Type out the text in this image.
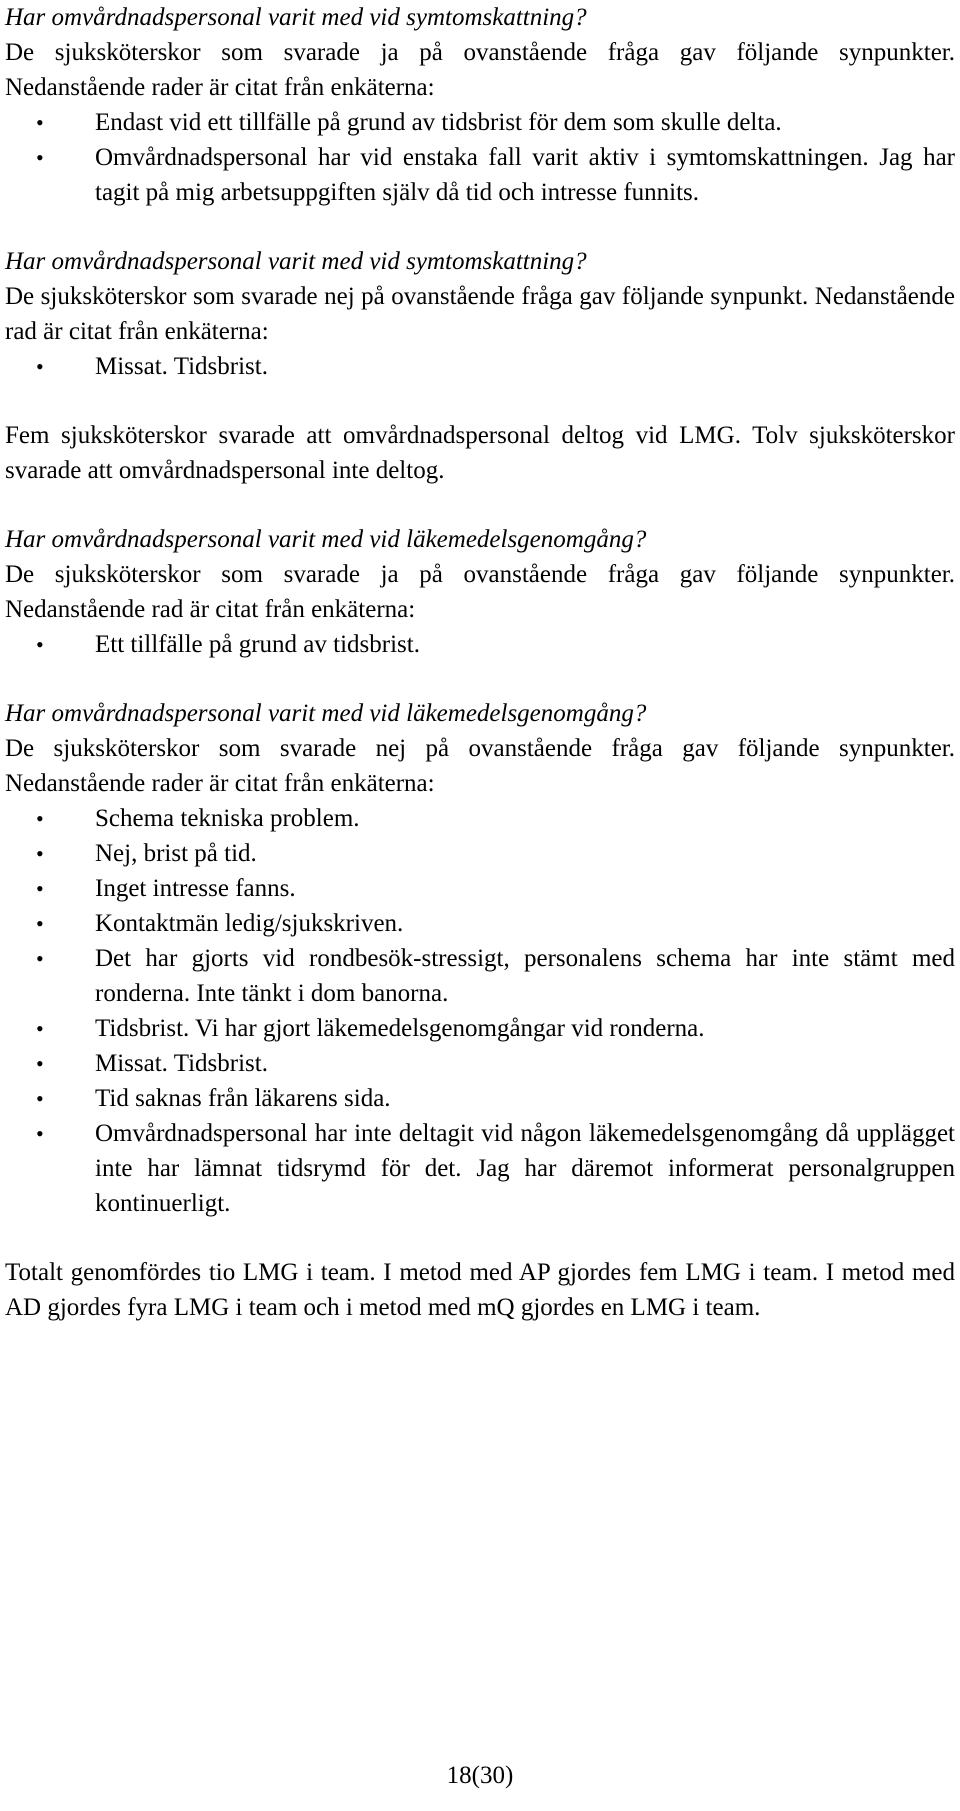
Har omvårdnadspersonal varit med vid symtomskattning?

De sjuksköterskor som svarade ja på ovanstående fråga gav följande synpunkter. Nedanstående rader är citat från enkäterna:

• Endast vid ett tillfälle på grund av tidsbrist för dem som skulle delta.
• Omvårdnadspersonal har vid enstaka fall varit aktiv i symtomskattningen. Jag har tagit på mig arbetsuppgiften själv då tid och intresse funnits.

Har omvårdnadspersonal varit med vid symtomskattning?

De sjuksköterskor som svarade nej på ovanstående fråga gav följande synpunkt. Nedanstående rad är citat från enkäterna:

• Missat. Tidsbrist.

Fem sjuksköterskor svarade att omvårdnadspersonal deltog vid LMG. Tolv sjuksköterskor svarade att omvårdnadspersonal inte deltog.

Har omvårdnadspersonal varit med vid läkemedelsgenomgång?

De sjuksköterskor som svarade ja på ovanstående fråga gav följande synpunkter. Nedanstående rad är citat från enkäterna:

• Ett tillfälle på grund av tidsbrist.

Har omvårdnadspersonal varit med vid läkemedelsgenomgång?

De sjuksköterskor som svarade nej på ovanstående fråga gav följande synpunkter. Nedanstående rader är citat från enkäterna:

• Schema tekniska problem.
• Nej, brist på tid.
• Inget intresse fanns.
• Kontaktmän ledig/sjukskriven.
• Det har gjorts vid rondbesök-stressigt, personalens schema har inte stämt med ronderna. Inte tänkt i dom banorna.
• Tidsbrist. Vi har gjort läkemedelsgenomgångar vid ronderna.
• Missat. Tidsbrist.
• Tid saknas från läkarens sida.
• Omvårdnadspersonal har inte deltagit vid någon läkemedelsgenomgång då upplägget inte har lämnat tidsrymd för det. Jag har däremot informerat personalgruppen kontinuerligt.

Totalt genomfördes tio LMG i team. I metod med AP gjordes fem LMG i team. I metod med AD gjordes fyra LMG i team och i metod med mQ gjordes en LMG i team.

18(30)
